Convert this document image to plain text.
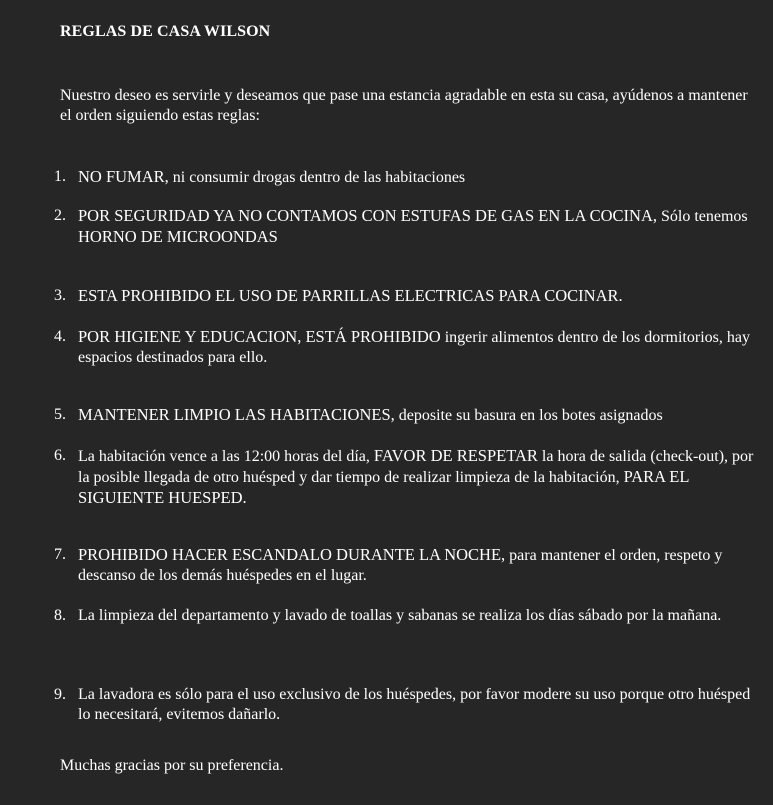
REGLAS DE CASA WILSON
Nuestro deseo es servirle y deseamos que pase una estancia agradable en esta su casa, ayúdenos a mantener el orden siguiendo estas reglas:
1. NO FUMAR, ni consumir drogas dentro de las habitaciones
2. POR SEGURIDAD YA NO CONTAMOS CON ESTUFAS DE GAS EN LA COCINA, Sólo tenemos HORNO DE MICROONDAS
3. ESTA PROHIBIDO EL USO DE PARRILLAS ELECTRICAS PARA COCINAR.
4. POR HIGIENE Y EDUCACION, ESTÁ PROHIBIDO ingerir alimentos dentro de los dormitorios, hay espacios destinados para ello.
5. MANTENER LIMPIO LAS HABITACIONES, deposite su basura en los botes asignados
6. La habitación vence a las 12:00 horas del día, FAVOR DE RESPETAR la hora de salida (check-out), por la posible llegada de otro huésped y dar tiempo de realizar limpieza de la habitación, PARA EL SIGUIENTE HUESPED.
7. PROHIBIDO HACER ESCANDALO DURANTE LA NOCHE, para mantener el orden, respeto y descanso de los demás huéspedes en el lugar.
8. La limpieza del departamento y lavado de toallas y sabanas se realiza los días sábado por la mañana.
9. La lavadora es sólo para el uso exclusivo de los huéspedes, por favor modere su uso porque otro huésped lo necesitará, evitemos dañarlo.
Muchas gracias por su preferencia.
